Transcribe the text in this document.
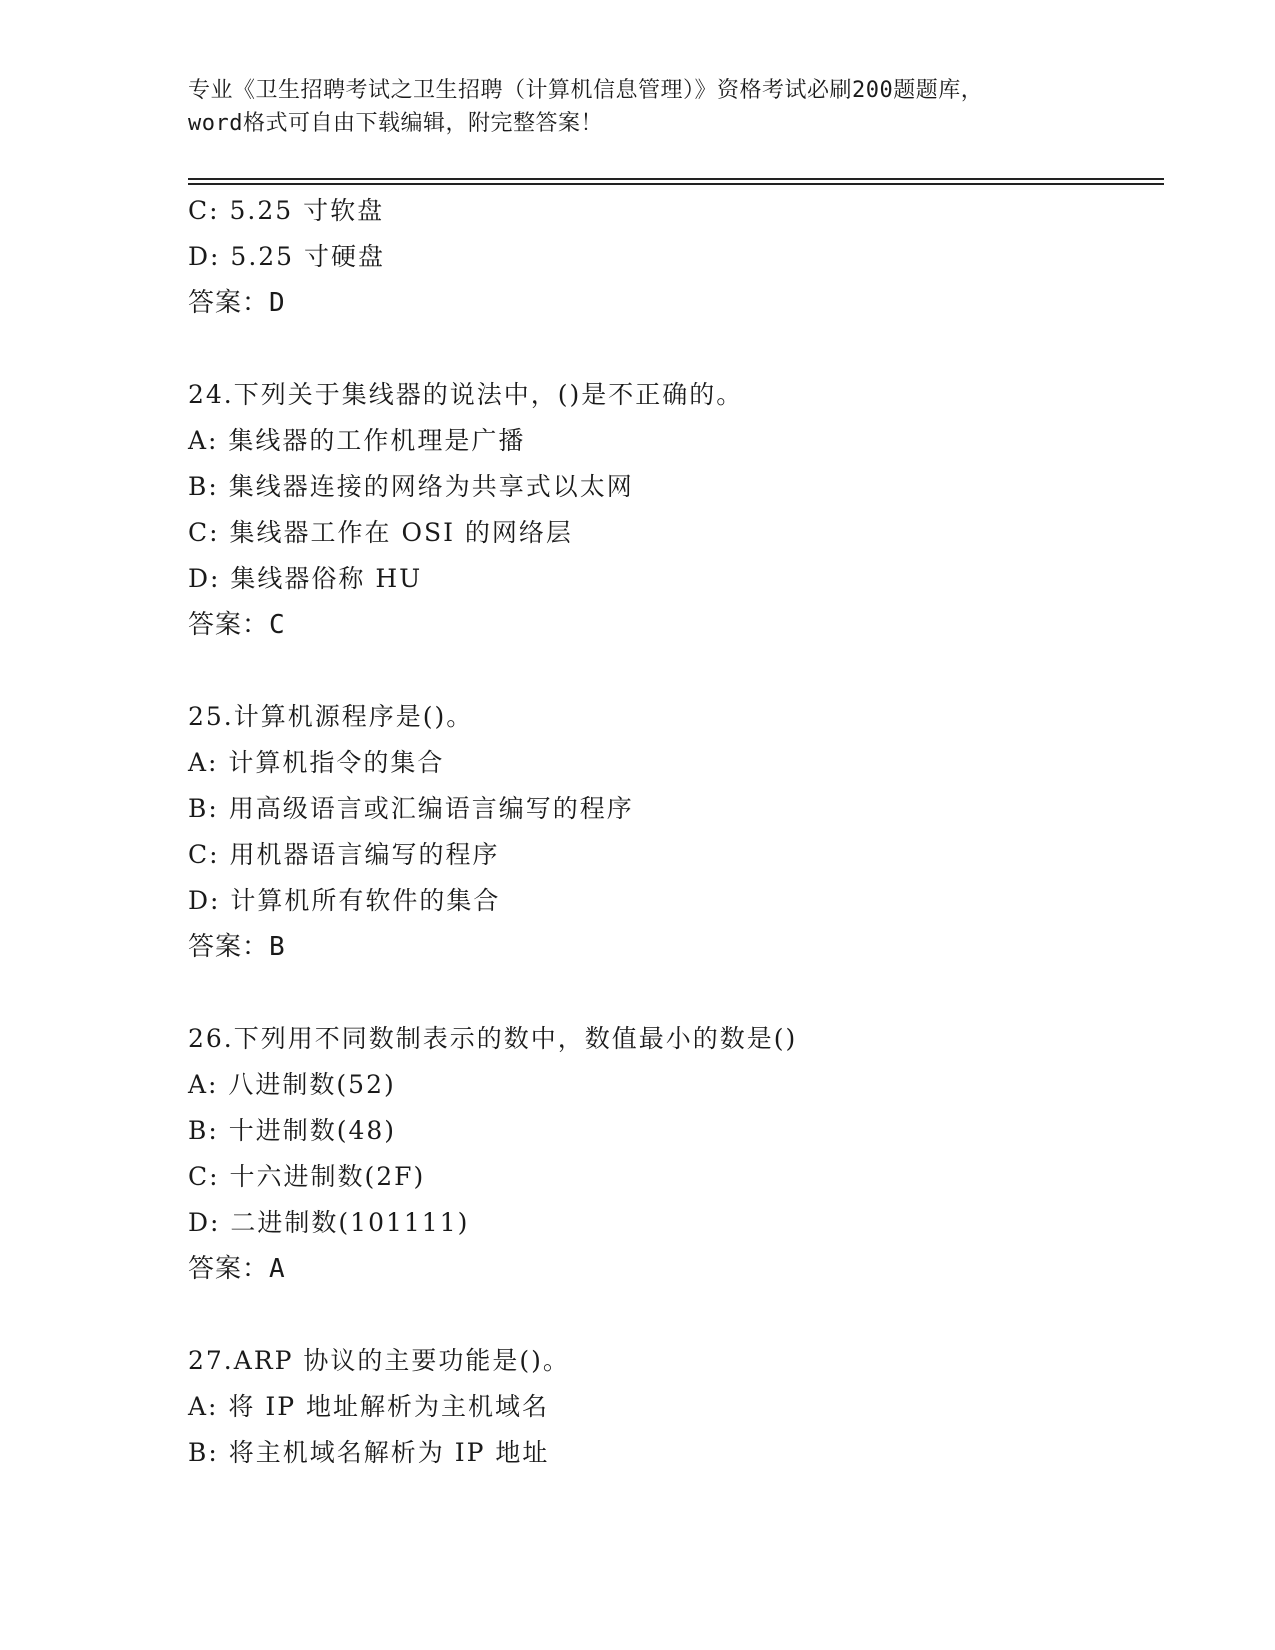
专业《卫生招聘考试之卫生招聘（计算机信息管理）》资格考试必刷200题题库，
word格式可自由下载编辑，附完整答案！
C: 5.25 寸软盘
D: 5.25 寸硬盘
答案：D
24.下列关于集线器的说法中，()是不正确的。
A: 集线器的工作机理是广播
B: 集线器连接的网络为共享式以太网
C: 集线器工作在 OSI 的网络层
D: 集线器俗称 HU
答案：C
25.计算机源程序是()。
A: 计算机指令的集合
B: 用高级语言或汇编语言编写的程序
C: 用机器语言编写的程序
D: 计算机所有软件的集合
答案：B
26.下列用不同数制表示的数中，数值最小的数是()
A: 八进制数(52)
B: 十进制数(48)
C: 十六进制数(2F)
D: 二进制数(101111)
答案：A
27.ARP 协议的主要功能是()。
A: 将 IP 地址解析为主机域名
B: 将主机域名解析为 IP 地址
